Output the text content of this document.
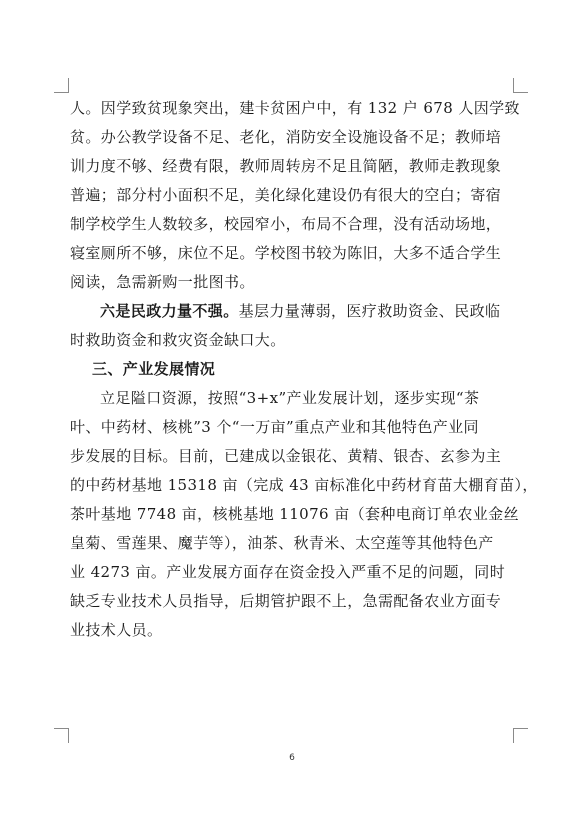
人。因学致贫现象突出，建卡贫困户中，有 132 户 678 人因学致
贫。办公教学设备不足、老化，消防安全设施设备不足；教师培
训力度不够、经费有限，教师周转房不足且简陋，教师走教现象
普遍；部分村小面积不足，美化绿化建设仍有很大的空白；寄宿
制学校学生人数较多，校园窄小，布局不合理，没有活动场地，
寝室厕所不够，床位不足。学校图书较为陈旧，大多不适合学生
阅读，急需新购一批图书。
六是民政力量不强。基层力量薄弱，医疗救助资金、民政临
时救助资金和救灾资金缺口大。
三、产业发展情况
立足隘口资源，按照“3+x”产业发展计划，逐步实现“茶
叶、中药材、核桃”3 个“一万亩”重点产业和其他特色产业同
步发展的目标。目前，已建成以金银花、黄精、银杏、玄参为主
的中药材基地 15318 亩（完成 43 亩标准化中药材育苗大棚育苗），
茶叶基地 7748 亩，核桃基地 11076 亩（套种电商订单农业金丝
皇菊、雪莲果、魔芋等），油茶、秋青米、太空莲等其他特色产
业 4273 亩。产业发展方面存在资金投入严重不足的问题，同时
缺乏专业技术人员指导，后期管护跟不上，急需配备农业方面专
业技术人员。
6
